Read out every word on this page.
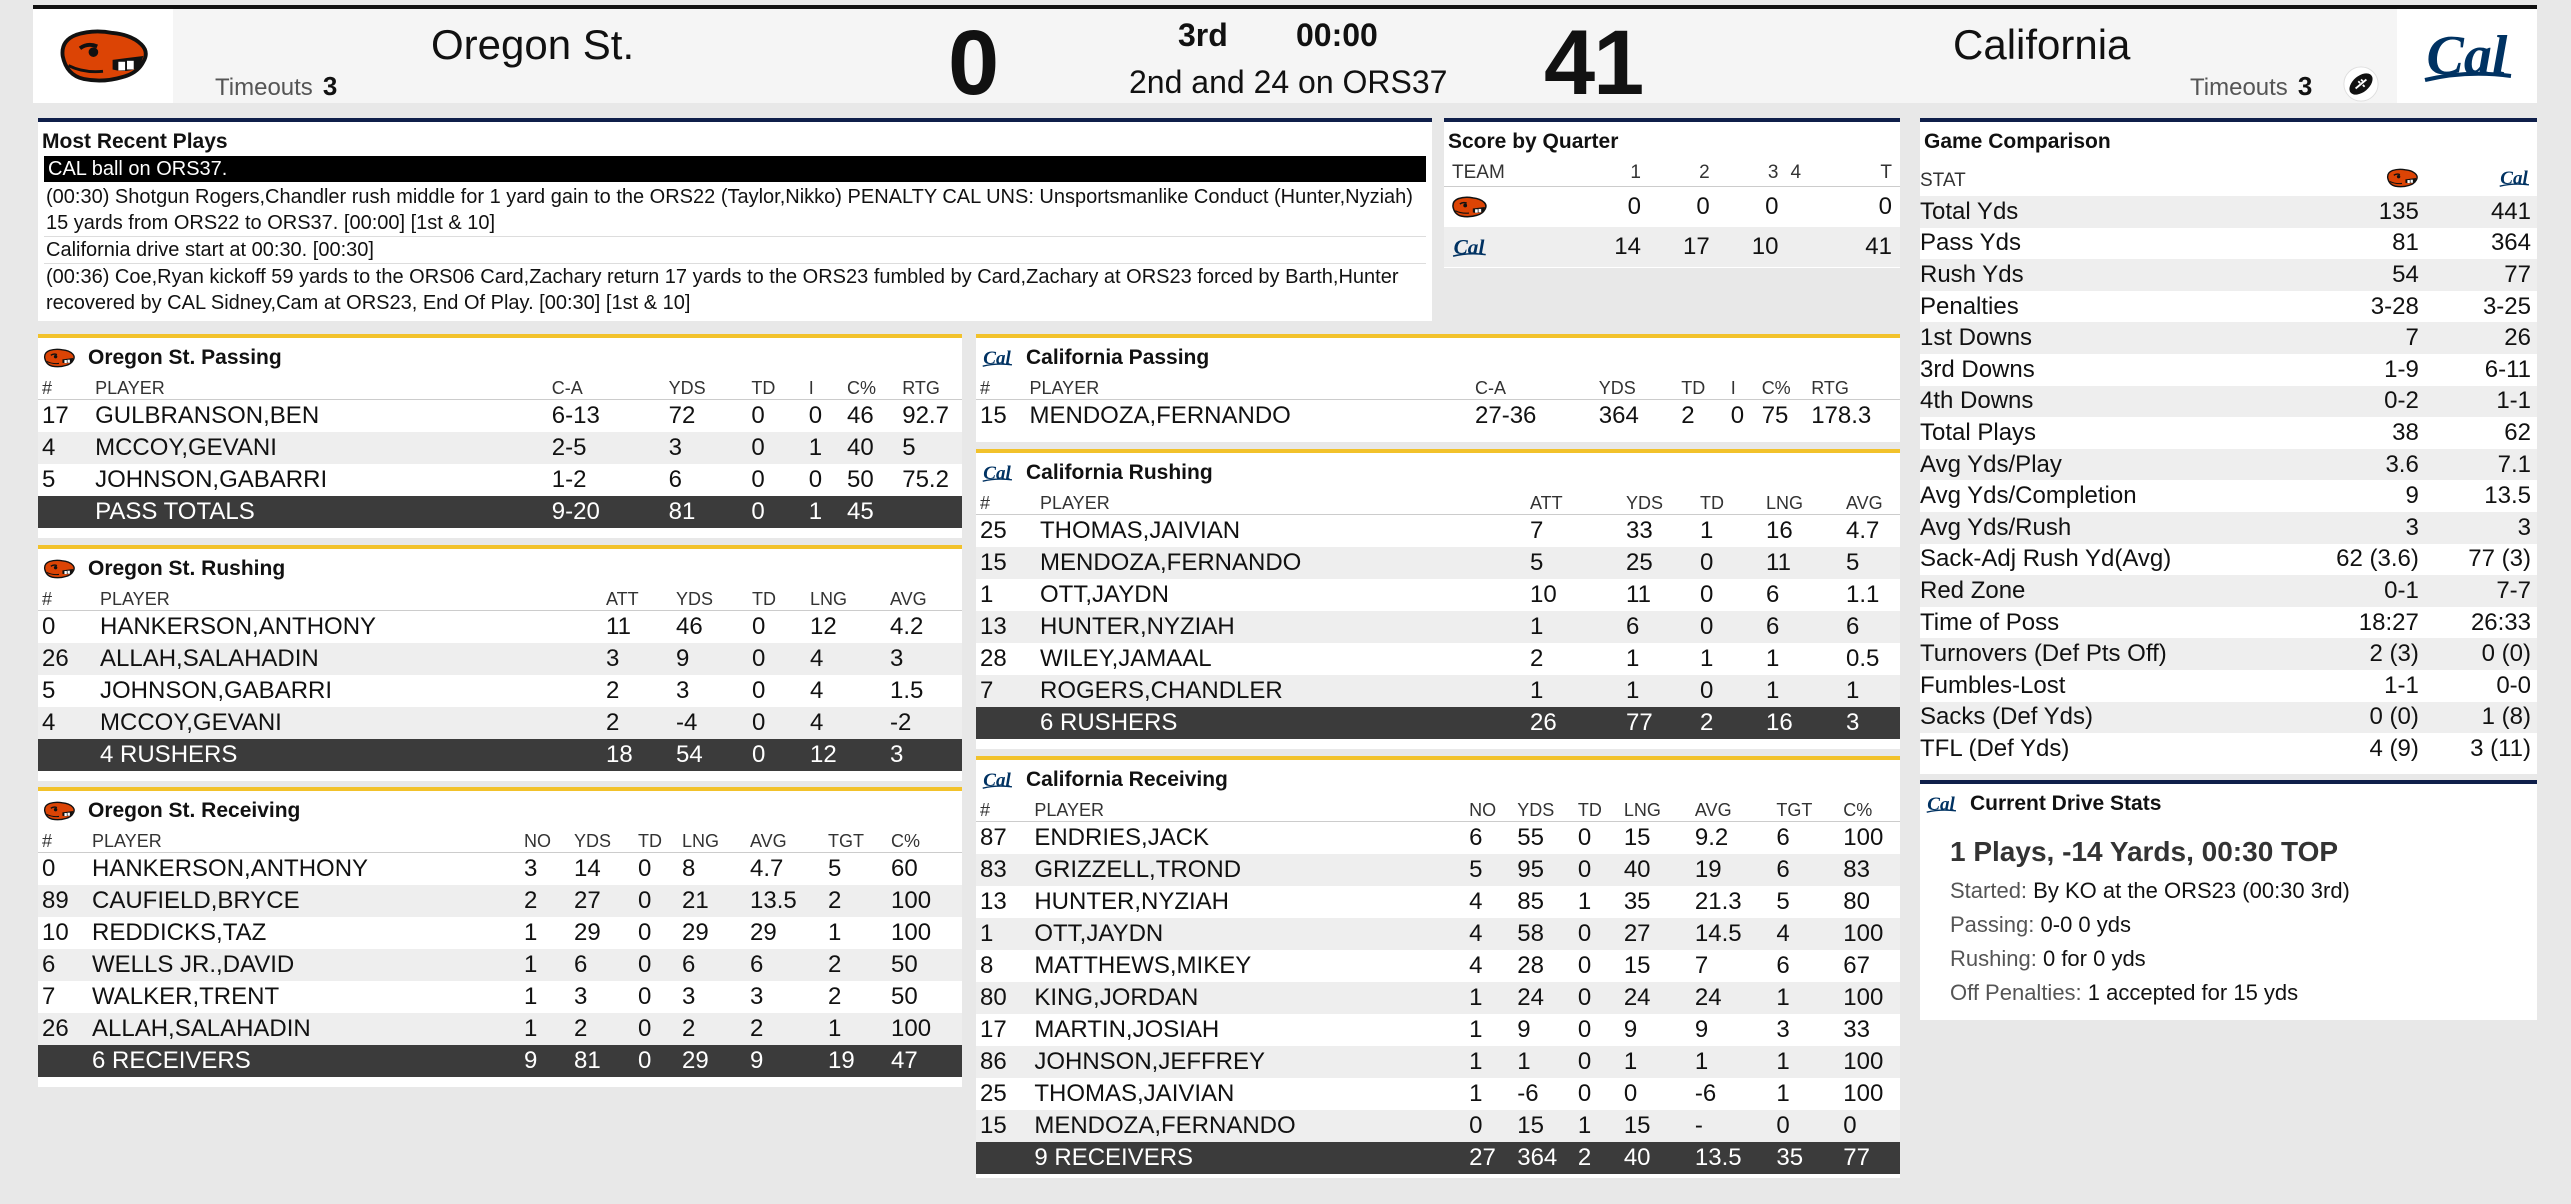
Timeouts 3
Oregon St.	0	3rd 00:00
2nd and 24 on ORS37 41	California
Timeouts 3
Most Recent Plays
CAL ball on ORS37.
(00:30) Shotgun Rogers,Chandler rush middle for 1 yard gain to the ORS22 (Taylor,Nikko) PENALTY CAL UNS: Unsportsmanlike Conduct (Hunter,Nyziah) 15 yards from ORS22 to ORS37. [00:00] [1st & 10]
California drive start at 00:30. [00:30]
(00:36) Coe,Ryan kickoff 59 yards to the ORS06 Card,Zachary return 17 yards to the ORS23 fumbled by Card,Zachary at ORS23 forced by Barth,Hunter recovered by CAL Sidney,Cam at ORS23, End Of Play. [00:30] [1st & 10]
Score by Quarter
TEAM	1	2	3	4	T

	0	0	0		0

	14	17	10		41
Game Comparison
STAT		
Total Yds	135	441
Pass Yds	81	364
Rush Yds	54	77
Penalties	3-28	3-25
1st Downs	7	26
3rd Downs	1-9	6-11
4th Downs	0-2	1-1
Total Plays	38	62
Avg Yds/Play	3.6	7.1
Avg Yds/Completion	9	13.5
Avg Yds/Rush	3	3
Sack-Adj Rush Yd(Avg)	62 (3.6)	77 (3)
Red Zone	0-1	7-7
Time of Poss	18:27	26:33
Turnovers (Def Pts Off)	2 (3)	0 (0)
Fumbles-Lost	1-1	0-0
Sacks (Def Yds)	0 (0)	1 (8)
TFL (Def Yds)	4 (9)	3 (11)
Current Drive Stats
1 Plays, -14 Yards, 00:30 TOP
Started: By KO at the ORS23 (00:30 3rd)
Passing: 0-0 0 yds
Rushing: 0 for 0 yds
Off Penalties: 1 accepted for 15 yds
Oregon St. Passing
#	PLAYER	C-A	YDS	TD	I	C%	RTG
17	GULBRANSON,BEN	6-13	72	0	0	46	92.7
4	MCCOY,GEVANI	2-5	3	0	1	40	5
5	JOHNSON,GABARRI	1-2	6	0	0	50	75.2
	PASS TOTALS	9-20	81	0	1	45	
Oregon St. Rushing
#	PLAYER	ATT	YDS	TD	LNG	AVG
0	HANKERSON,ANTHONY	11	46	0	12	4.2
26	ALLAH,SALAHADIN	3	9	0	4	3
5	JOHNSON,GABARRI	2	3	0	4	1.5
4	MCCOY,GEVANI	2	-4	0	4	-2
	4 RUSHERS	18	54	0	12	3
Oregon St. Receiving
#	PLAYER	NO	YDS	TD	LNG	AVG	TGT	C%
0	HANKERSON,ANTHONY	3	14	0	8	4.7	5	60
89	CAUFIELD,BRYCE	2	27	0	21	13.5	2	100
10	REDDICKS,TAZ	1	29	0	29	29	1	100
6	WELLS JR.,DAVID	1	6	0	6	6	2	50
7	WALKER,TRENT	1	3	0	3	3	2	50
26	ALLAH,SALAHADIN	1	2	0	2	2	1	100
	6 RECEIVERS	9	81	0	29	9	19	47
California Passing
#	PLAYER	C-A	YDS	TD	I	C%	RTG
15	MENDOZA,FERNANDO	27-36	364	2	0	75	178.3
California Rushing
#	PLAYER	ATT	YDS	TD	LNG	AVG
25	THOMAS,JAIVIAN	7	33	1	16	4.7
15	MENDOZA,FERNANDO	5	25	0	11	5
1	OTT,JAYDN	10	11	0	6	1.1
13	HUNTER,NYZIAH	1	6	0	6	6
28	WILEY,JAMAAL	2	1	1	1	0.5
7	ROGERS,CHANDLER	1	1	0	1	1
	6 RUSHERS	26	77	2	16	3
California Receiving
#	PLAYER	NO	YDS	TD	LNG	AVG	TGT	C%
87	ENDRIES,JACK	6	55	0	15	9.2	6	100
83	GRIZZELL,TROND	5	95	0	40	19	6	83
13	HUNTER,NYZIAH	4	85	1	35	21.3	5	80
1	OTT,JAYDN	4	58	0	27	14.5	4	100
8	MATTHEWS,MIKEY	4	28	0	15	7	6	67
80	KING,JORDAN	1	24	0	24	24	1	100
17	MARTIN,JOSIAH	1	9	0	9	9	3	33
86	JOHNSON,JEFFREY	1	1	0	1	1	1	100
25	THOMAS,JAIVIAN	1	-6	0	0	-6	1	100
15	MENDOZA,FERNANDO	0	15	1	15	-	0	0
	9 RECEIVERS	27	364	2	40	13.5	35	77
